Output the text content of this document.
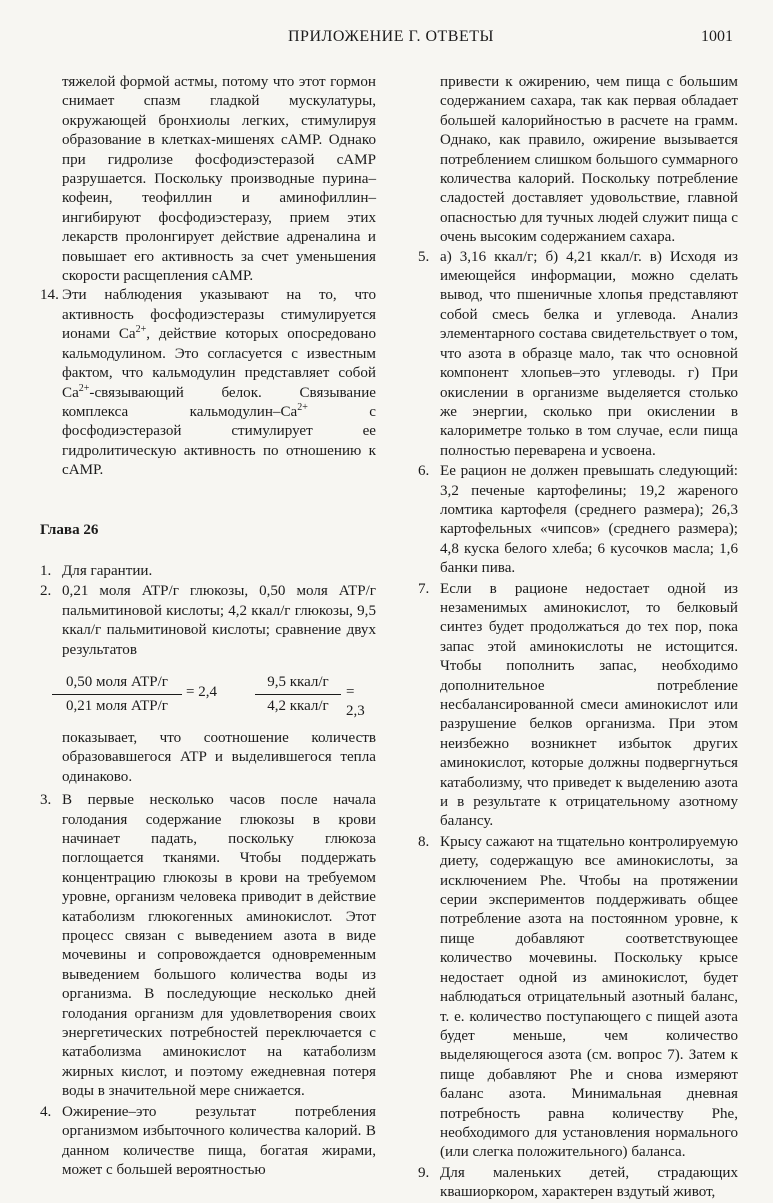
ПРИЛОЖЕНИЕ Г. ОТВЕТЫ	1001

тяжелой формой астмы, потому что этот гормон снимает спазм гладкой мускулатуры, окружающей бронхиолы легких, стимулируя образование в клетках-мишенях сАМР. Однако при гидролизе фосфодиэстеразой сАМР разрушается. Поскольку производные пурина–кофеин, теофиллин и аминофиллин–ингибируют фосфодиэстеразу, прием этих лекарств пролонгирует действие адреналина и повышает его активность за счет уменьшения скорости расщепления сАМР.

14. Эти наблюдения указывают на то, что активность фосфодиэстеразы стимулируется ионами $Ca^{2+}$, действие которых опосредовано кальмодулином. Это согласуется с известным фактом, что кальмодулин представляет собой $Ca^{2+}$-связывающий белок. Связывание комплекса кальмодулин–$Ca^{2+}$ с фосфодиэстеразой стимулирует ее гидролитическую активность по отношению к сАМР.
Глава 26
1. Для гарантии.
2. 0,21 моля ATP/г глюкозы, 0,50 моля ATP/г пальмитиновой кислоты; 4,2 ккал/г глюкозы, 9,5 ккал/г пальмитиновой кислоты; сравнение двух результатов
0,50 моля ATP/г
0,21 моля ATP/г
= 2,4
9,5 ккал/г
4,2 ккал/г
= 2,3

показывает, что соотношение количеств образовавшегося ATP и выделившегося тепла одинаково.

3. В первые несколько часов после начала голодания содержание глюкозы в крови начинает падать, поскольку глюкоза поглощается тканями. Чтобы поддержать концентрацию глюкозы в крови на требуемом уровне, организм человека приводит в действие катаболизм глюкогенных аминокислот. Этот процесс связан с выведением азота в виде мочевины и сопровождается одновременным выведением большого количества воды из организма. В последующие несколько дней голодания организм для удовлетворения своих энергетических потребностей переключается с катаболизма аминокислот на катаболизм жирных кислот, и поэтому ежедневная потеря воды в значительной мере снижается.
4. Ожирение–это результат потребления организмом избыточного количества калорий. В данном количестве пища, богатая жирами, может с большей вероятностью

привести к ожирению, чем пища с большим содержанием сахара, так как первая обладает большей калорийностью в расчете на грамм. Однако, как правило, ожирение вызывается потреблением слишком большого суммарного количества калорий. Поскольку потребление сладостей доставляет удовольствие, главной опасностью для тучных людей служит пища с очень высоким содержанием сахара.

5. а) 3,16 ккал/г; б) 4,21 ккал/г. в) Исходя из имеющейся информации, можно сделать вывод, что пшеничные хлопья представляют собой смесь белка и углевода. Анализ элементарного состава свидетельствует о том, что азота в образце мало, так что основной компонент хлопьев–это углеводы. г) При окислении в организме выделяется столько же энергии, сколько при окислении в калориметре только в том случае, если пища полностью переварена и усвоена.
6. Ее рацион не должен превышать следующий: 3,2 печеные картофелины; 19,2 жареного ломтика картофеля (среднего размера); 26,3 картофельных «чипсов» (среднего размера); 4,8 куска белого хлеба; 6 кусочков масла; 1,6 банки пива.
7. Если в рационе недостает одной из незаменимых аминокислот, то белковый синтез будет продолжаться до тех пор, пока запас этой аминокислоты не истощится. Чтобы пополнить запас, необходимо дополнительное потребление несбалансированной смеси аминокислот или разрушение белков организма. При этом неизбежно возникнет избыток других аминокислот, которые должны подвергнуться катаболизму, что приведет к выделению азота и в результате к отрицательному азотному балансу.
8. Крысу сажают на тщательно контролируемую диету, содержащую все аминокислоты, за исключением Phe. Чтобы на протяжении серии экспериментов поддерживать общее потребление азота на постоянном уровне, к пище добавляют соответствующее количество мочевины. Поскольку крысе недостает одной из аминокислот, будет наблюдаться отрицательный азотный баланс, т. е. количество поступающего с пищей азота будет меньше, чем количество выделяющегося азота (см. вопрос 7). Затем к пище добавляют Phe и снова измеряют баланс азота. Минимальная дневная потребность равна количеству Phe, необходимого для установления нормального (или слегка положительного) баланса.
9. Для маленьких детей, страдающих квашиоркором, характерен вздутый живот,
